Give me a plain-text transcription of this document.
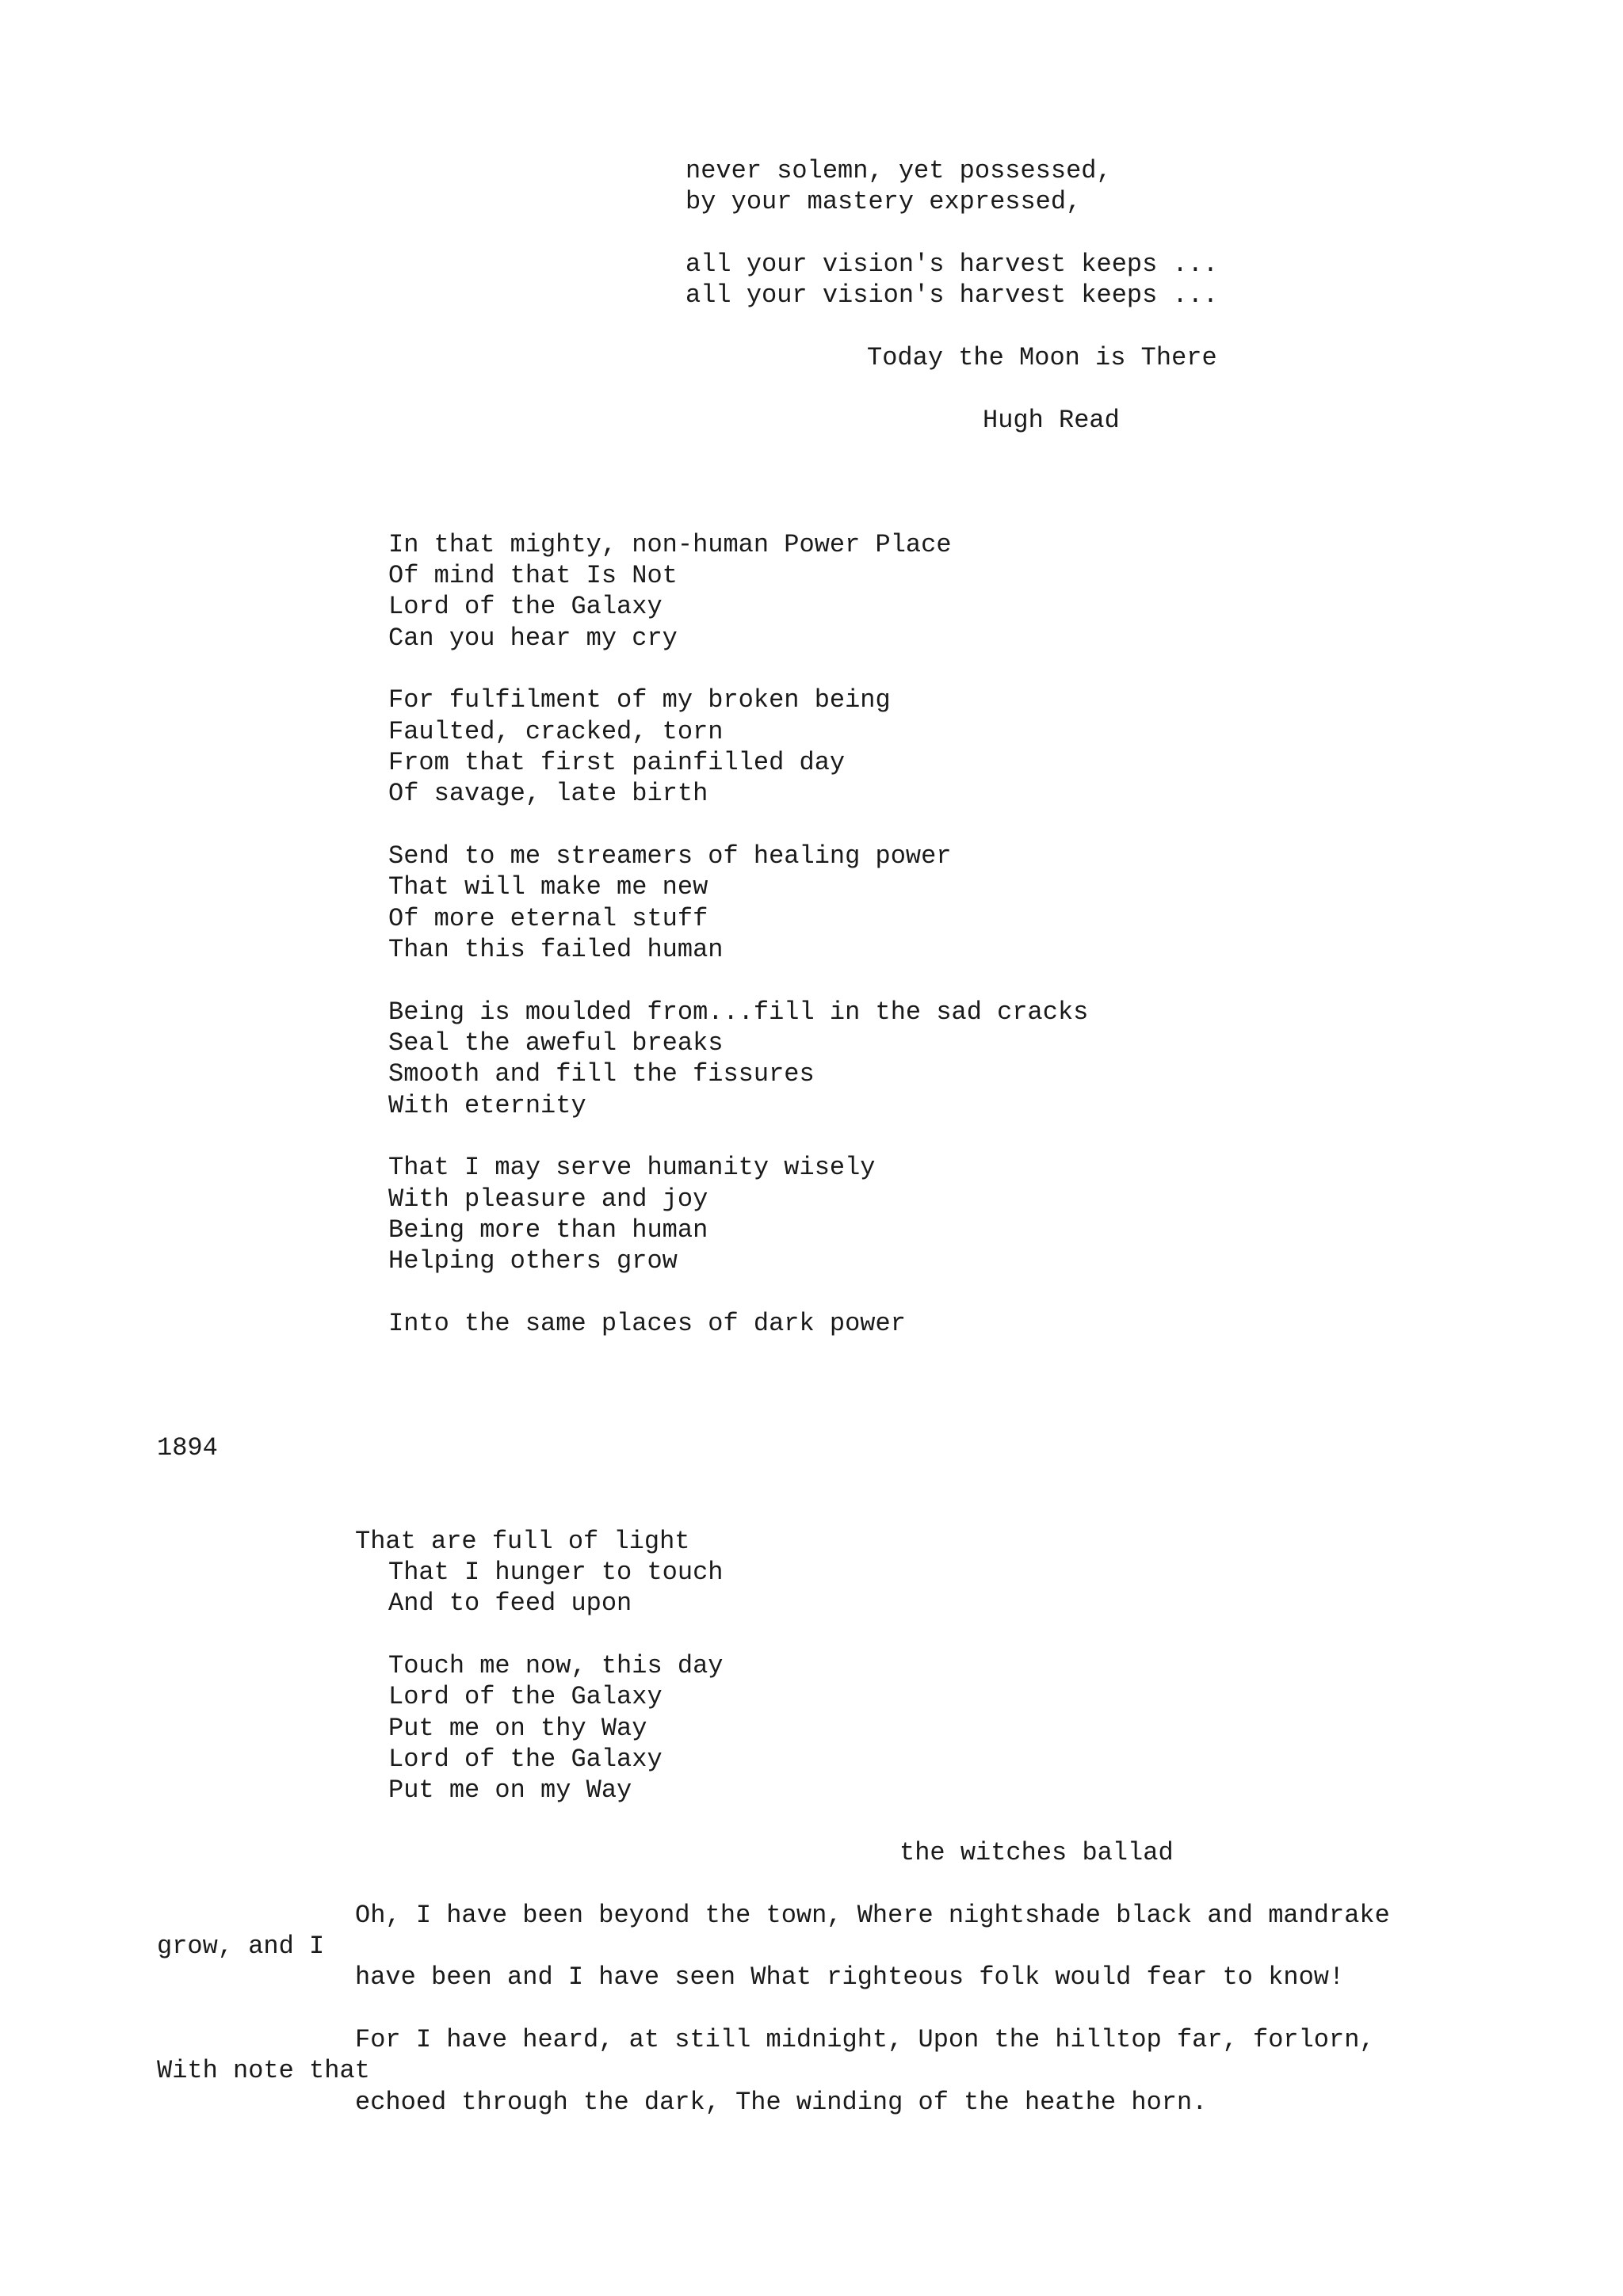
never solemn, yet possessed,

by your mastery expressed,

all your vision's harvest keeps ...

all your vision's harvest keeps ...

Today the Moon is There

Hugh Read

In that mighty, non-human Power Place

Of mind that Is Not

Lord of the Galaxy

Can you hear my cry

For fulfilment of my broken being

Faulted, cracked, torn

From that first painfilled day

Of savage, late birth

Send to me streamers of healing power

That will make me new

Of more eternal stuff

Than this failed human

Being is moulded from...fill in the sad cracks

Seal the aweful breaks

Smooth and fill the fissures

With eternity

That I may serve humanity wisely

With pleasure and joy

Being more than human

Helping others grow

Into the same places of dark power

1894

That are full of light

That I hunger to touch

And to feed upon

Touch me now, this day

Lord of the Galaxy

Put me on thy Way

Lord of the Galaxy

Put me on my Way

the witches ballad

Oh, I have been beyond the town, Where nightshade black and mandrake

grow, and I

have been and I have seen What righteous folk would fear to know!

For I have heard, at still midnight, Upon the hilltop far, forlorn,

With note that

echoed through the dark, The winding of the heathe horn.
